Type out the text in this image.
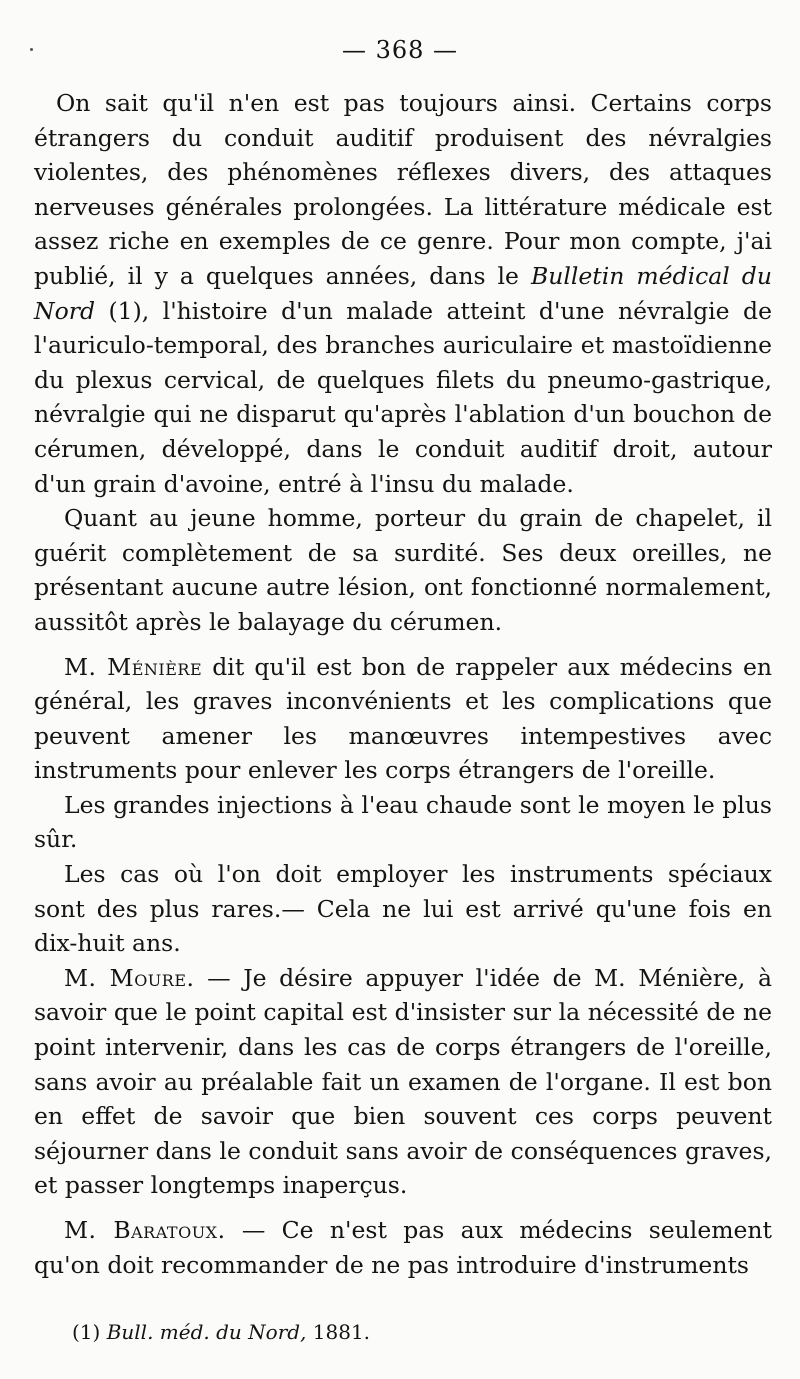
— 368 —

On sait qu'il n'en est pas toujours ainsi. Certains corps étrangers du conduit auditif produisent des névralgies violentes, des phénomènes réflexes divers, des attaques nerveuses générales prolongées. La littérature médicale est assez riche en exemples de ce genre. Pour mon compte, j'ai publié, il y a quelques années, dans le Bulletin médical du Nord (1), l'histoire d'un malade atteint d'une névralgie de l'auriculo-temporal, des branches auriculaire et mastoïdienne du plexus cervical, de quelques filets du pneumo-gastrique, névralgie qui ne disparut qu'après l'ablation d'un bouchon de cérumen, développé, dans le conduit auditif droit, autour d'un grain d'avoine, entré à l'insu du malade.

Quant au jeune homme, porteur du grain de chapelet, il guérit complètement de sa surdité. Ses deux oreilles, ne présentant aucune autre lésion, ont fonctionné normalement, aussitôt après le balayage du cérumen.

M. Ménière dit qu'il est bon de rappeler aux médecins en général, les graves inconvénients et les complications que peuvent amener les manœuvres intempestives avec instruments pour enlever les corps étrangers de l'oreille.

Les grandes injections à l'eau chaude sont le moyen le plus sûr.

Les cas où l'on doit employer les instruments spéciaux sont des plus rares.— Cela ne lui est arrivé qu'une fois en dix-huit ans.

M. Moure. — Je désire appuyer l'idée de M. Ménière, à savoir que le point capital est d'insister sur la nécessité de ne point intervenir, dans les cas de corps étrangers de l'oreille, sans avoir au préalable fait un examen de l'organe. Il est bon en effet de savoir que bien souvent ces corps peuvent séjourner dans le conduit sans avoir de conséquences graves, et passer longtemps inaperçus.

M. Baratoux. — Ce n'est pas aux médecins seulement qu'on doit recommander de ne pas introduire d'instruments

(1) Bull. méd. du Nord, 1881.
